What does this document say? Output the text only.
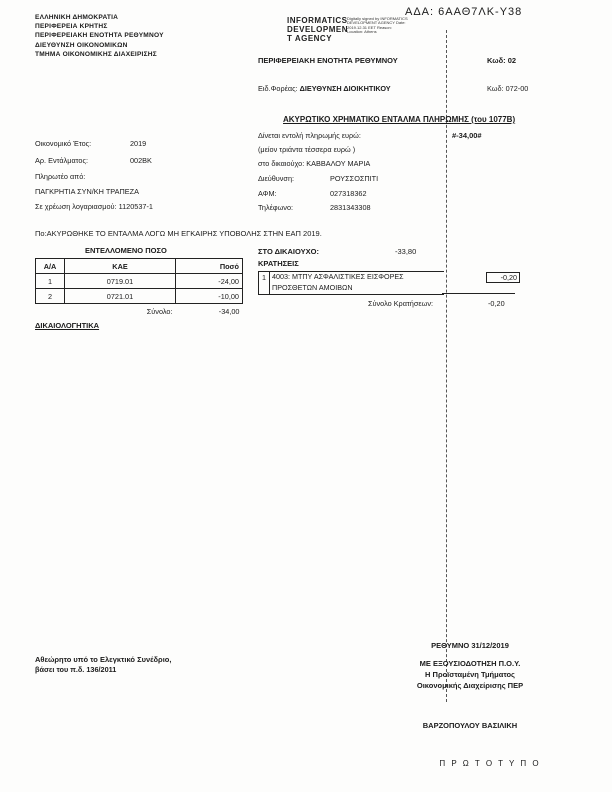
ΕΛΛΗΝΙΚΗ ΔΗΜΟΚΡΑΤΙΑ
ΠΕΡΙΦΕΡΕΙΑ ΚΡΗΤΗΣ
ΠΕΡΙΦΕΡΕΙΑΚΗ ΕΝΟΤΗΤΑ ΡΕΘΥΜΝΟΥ
ΔΙΕΥΘΥΝΣΗ ΟΙΚΟΝΟΜΙΚΩΝ
ΤΜΗΜΑ ΟΙΚΟΝΟΜΙΚΗΣ ΔΙΑΧΕΙΡΙΣΗΣ
INFORMATICS
DEVELOPMEN
T AGENCY
Digitally signed by INFORMATICS DEVELOPMENT AGENCY Date: 2019.12.31 EET Reason: Location: Athens
ΑΔΑ: 6ΑΑΘ7ΛΚ-Υ38
ΠΕΡΙΦΕΡΕΙΑΚΗ ΕΝΟΤΗΤΑ ΡΕΘΥΜΝΟΥ	Κωδ: 02
Ειδ.Φορέας: ΔΙΕΥΘΥΝΣΗ ΔΙΟΙΚΗΤΙΚΟΥ	Κωδ: 072-00
ΑΚΥΡΩΤΙΚΟ ΧΡΗΜΑΤΙΚΟ ΕΝΤΑΛΜΑ ΠΛΗΡΩΜΗΣ (του 1077Β)
Δίνεται εντολή πληρωμής ευρώ:	#-34,00#
(μείον τριάντα τέσσερα ευρώ )
στο δικαιούχο: ΚΑΒΒΑΛΟΥ ΜΑΡΙΑ
Διεύθυνση:	ΡΟΥΣΣΟΣΠΙΤΙ
ΑΦΜ:	027318362
Τηλέφωνο:	2831343308
Οικονομικό Έτος:	2019
Αρ. Εντάλματος:	002ΒΚ
Πληρωτέο από:
ΠΑΓΚΡΗΤΙΑ ΣΥΝ/ΚΗ ΤΡΑΠΕΖΑ
Σε χρέωση λογαριασμού: 1120537-1
Πο:ΑΚΥΡΩΘΗΚΕ ΤΟ ΕΝΤΑΛΜΑ ΛΟΓΩ ΜΗ ΕΓΚΑΙΡΗΣ ΥΠΟΒΟΛΗΣ ΣΤΗΝ ΕΑΠ 2019.
ΕΝΤΕΛΛΟΜΕΝΟ ΠΟΣΟ	ΣΤΟ ΔΙΚΑΙΟΥΧΟ:	-33,80
Α/Α	ΚΑΕ	Ποσό
1	0719.01	-24,00
2	0721.01	-10,00
	Σύνολο:	-34,00
ΚΡΑΤΗΣΕΙΣ
1 4003: ΜΤΠΥ ΑΣΦΑΛΙΣΤΙΚΕΣ ΕΙΣΦΟΡΕΣ ΠΡΟΣΘΕΤΩΝ ΑΜΟΙΒΩΝ
-0,20
Σύνολο Κρατήσεων:	-0,20
ΔΙΚΑΙΟΛΟΓΗΤΙΚΑ
Αθεώρητο υπό το Ελεγκτικό Συνέδριο,
βάσει του π.δ. 136/2011
ΡΕΘΥΜΝΟ 31/12/2019
ΜΕ ΕΞΟΥΣΙΟΔΟΤΗΣΗ Π.Ο.Υ.
Η Προϊσταμένη Τμήματος
Οικονομικής Διαχείρισης ΠΕΡ
ΒΑΡΖΟΠΟΥΛΟΥ ΒΑΣΙΛΙΚΗ
Π Ρ Ω Τ Ο Τ Υ Π Ο
